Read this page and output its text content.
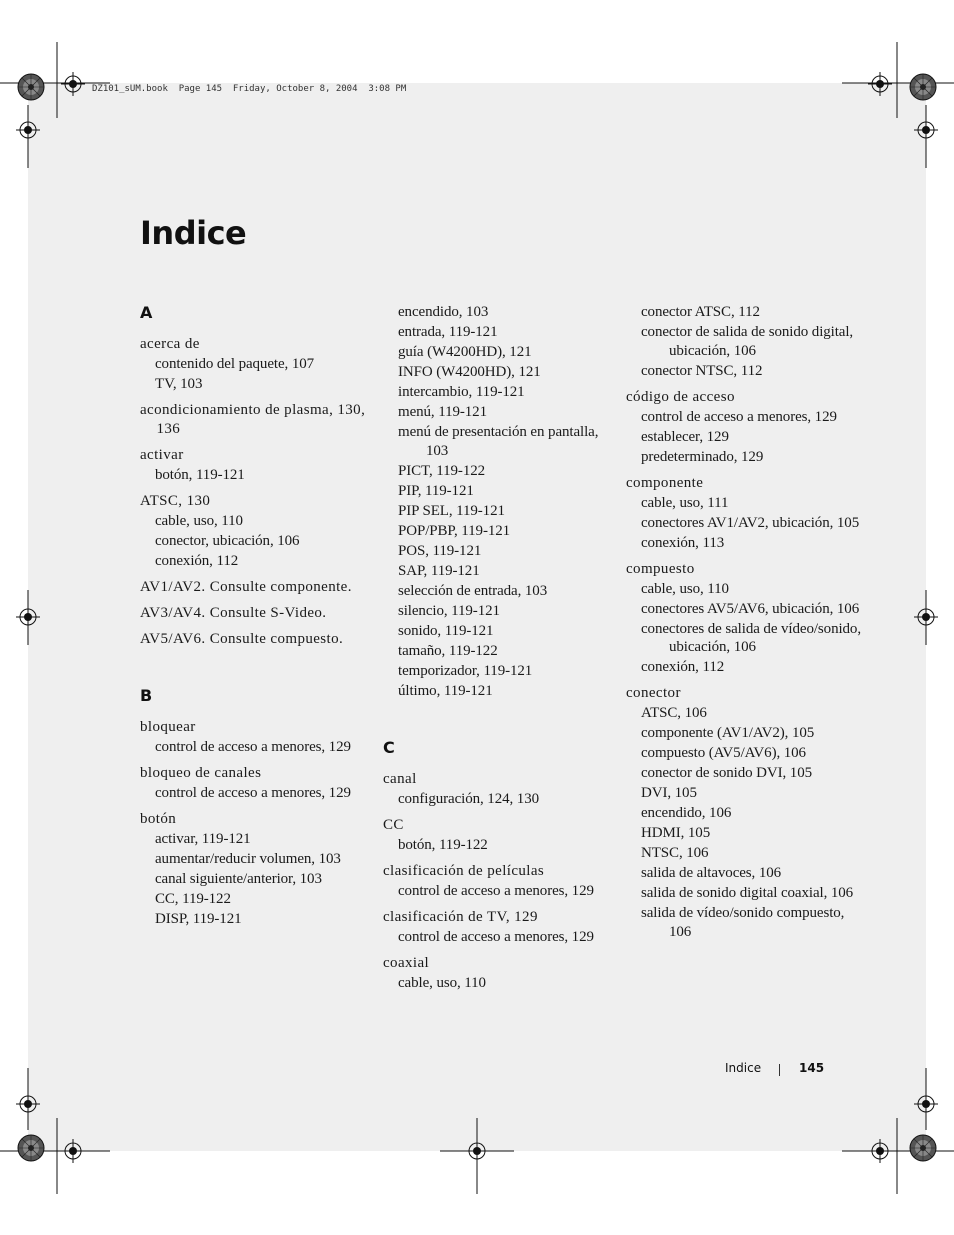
DZ101_sUM.book  Page 145  Friday, October 8, 2004  3:08 PM
Indice
A
acerca de
contenido del paquete, 107
TV, 103
acondicionamiento de plasma, 130, 136
activar
botón, 119-121
ATSC, 130
cable, uso, 110
conector, ubicación, 106
conexión, 112
AV1/AV2. Consulte componente.
AV3/AV4. Consulte S-Video.
AV5/AV6. Consulte compuesto.
B
bloquear
control de acceso a menores, 129
bloqueo de canales
control de acceso a menores, 129
botón
activar, 119-121
aumentar/reducir volumen, 103
canal siguiente/anterior, 103
CC, 119-122
DISP, 119-121
encendido, 103
entrada, 119-121
guía (W4200HD), 121
INFO (W4200HD), 121
intercambio, 119-121
menú, 119-121
menú de presentación en pantalla, 103
PICT, 119-122
PIP, 119-121
PIP SEL, 119-121
POP/PBP, 119-121
POS, 119-121
SAP, 119-121
selección de entrada, 103
silencio, 119-121
sonido, 119-121
tamaño, 119-122
temporizador, 119-121
último, 119-121
C
canal
configuración, 124, 130
CC
botón, 119-122
clasificación de películas
control de acceso a menores, 129
clasificación de TV, 129
control de acceso a menores, 129
coaxial
cable, uso, 110
conector ATSC, 112
conector de salida de sonido digital, ubicación, 106
conector NTSC, 112
código de acceso
control de acceso a menores, 129
establecer, 129
predeterminado, 129
componente
cable, uso, 111
conectores AV1/AV2, ubicación, 105
conexión, 113
compuesto
cable, uso, 110
conectores AV5/AV6, ubicación, 106
conectores de salida de vídeo/sonido, ubicación, 106
conexión, 112
conector
ATSC, 106
componente (AV1/AV2), 105
compuesto (AV5/AV6), 106
conector de sonido DVI, 105
DVI, 105
encendido, 106
HDMI, 105
NTSC, 106
salida de altavoces, 106
salida de sonido digital coaxial, 106
salida de vídeo/sonido compuesto, 106
Indice	145
